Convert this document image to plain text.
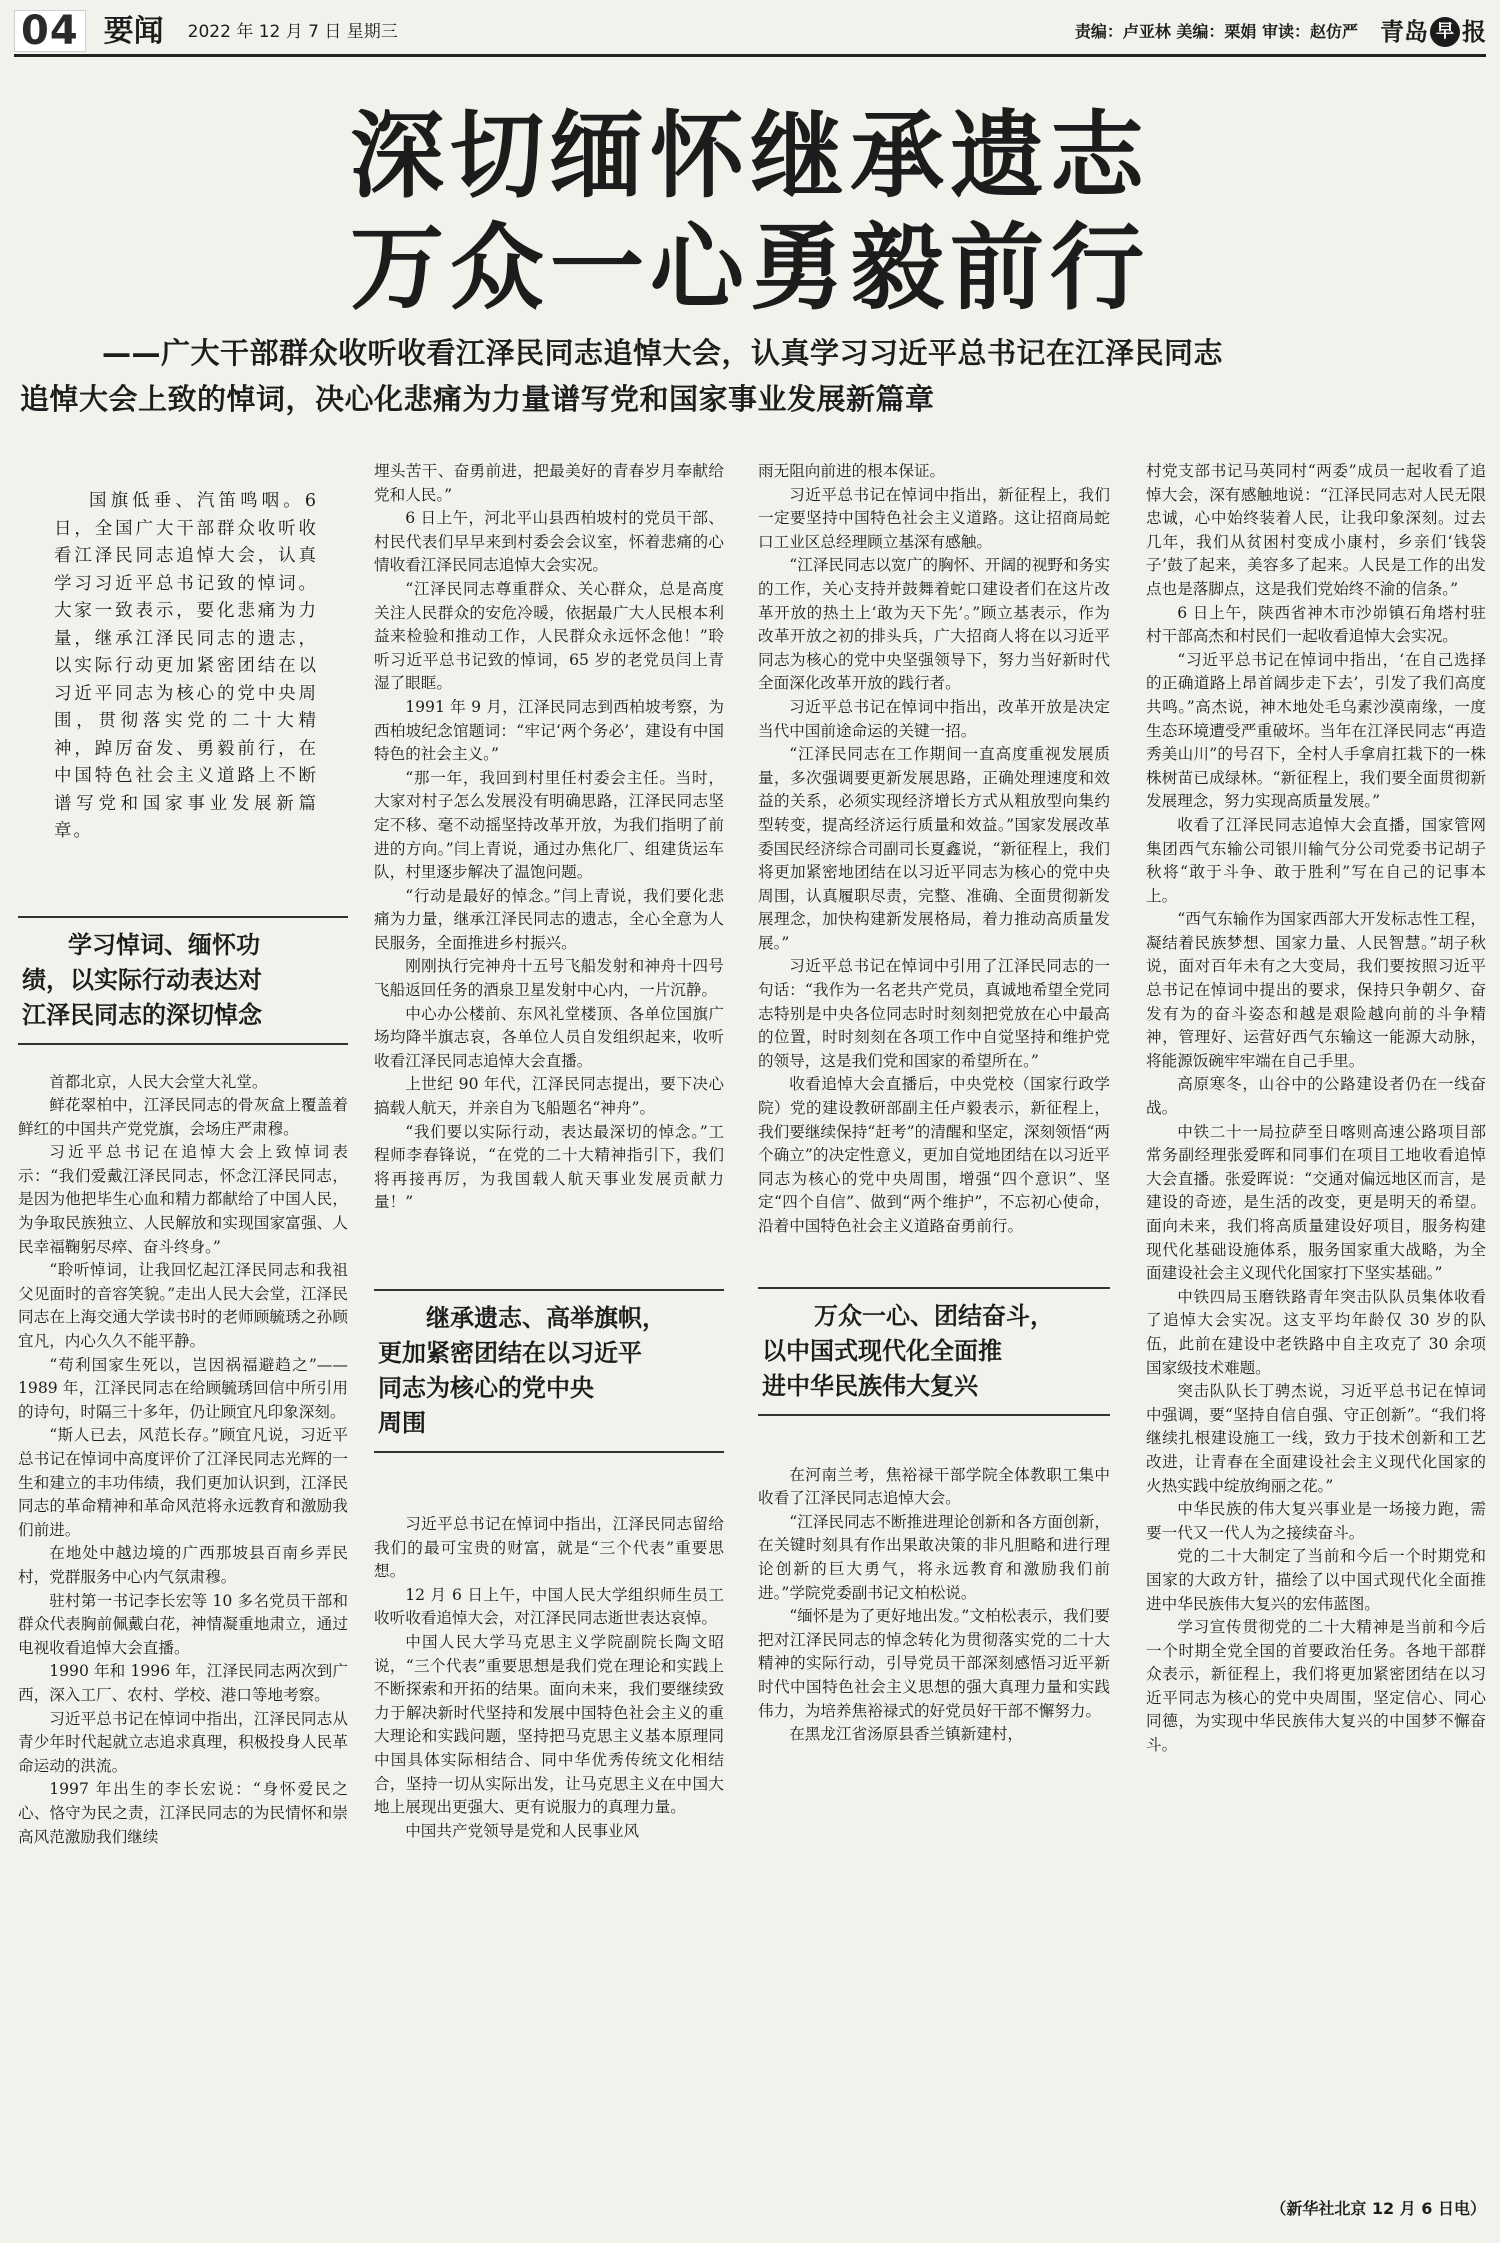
04 要闻 2022 年 12 月 7 日 星期三	责编：卢亚林 美编：栗娟 审读：赵仿严 青岛 早 报
深切缅怀继承遗志
万众一心勇毅前行
——广大干部群众收听收看江泽民同志追悼大会，认真学习习近平总书记在江泽民同志
追悼大会上致的悼词，决心化悲痛为力量谱写党和国家事业发展新篇章

国旗低垂、汽笛鸣咽。6日，全国广大干部群众收听收看江泽民同志追悼大会，认真学习习近平总书记致的悼词。大家一致表示，要化悲痛为力量，继承江泽民同志的遗志，以实际行动更加紧密团结在以习近平同志为核心的党中央周围，贯彻落实党的二十大精神，踔厉奋发、勇毅前行，在中国特色社会主义道路上不断谱写党和国家事业发展新篇章。

学习悼词、缅怀功
绩，以实际行动表达对
江泽民同志的深切悼念

首都北京，人民大会堂大礼堂。

鲜花翠柏中，江泽民同志的骨灰盒上覆盖着鲜红的中国共产党党旗，会场庄严肃穆。

习近平总书记在追悼大会上致悼词表示：“我们爱戴江泽民同志，怀念江泽民同志，是因为他把毕生心血和精力都献给了中国人民，为争取民族独立、人民解放和实现国家富强、人民幸福鞠躬尽瘁、奋斗终身。”

“聆听悼词，让我回忆起江泽民同志和我祖父见面时的音容笑貌。”走出人民大会堂，江泽民同志在上海交通大学读书时的老师顾毓琇之孙顾宜凡，内心久久不能平静。

“苟利国家生死以，岂因祸福避趋之”——1989 年，江泽民同志在给顾毓琇回信中所引用的诗句，时隔三十多年，仍让顾宜凡印象深刻。

“斯人已去，风范长存。”顾宜凡说，习近平总书记在悼词中高度评价了江泽民同志光辉的一生和建立的丰功伟绩，我们更加认识到，江泽民同志的革命精神和革命风范将永远教育和激励我们前进。

在地处中越边境的广西那坡县百南乡弄民村，党群服务中心内气氛肃穆。

驻村第一书记李长宏等 10 多名党员干部和群众代表胸前佩戴白花，神情凝重地肃立，通过电视收看追悼大会直播。

1990 年和 1996 年，江泽民同志两次到广西，深入工厂、农村、学校、港口等地考察。

习近平总书记在悼词中指出，江泽民同志从青少年时代起就立志追求真理，积极投身人民革命运动的洪流。

1997 年出生的李长宏说：“身怀爱民之心、恪守为民之责，江泽民同志的为民情怀和崇高风范激励我们继续

埋头苦干、奋勇前进，把最美好的青春岁月奉献给党和人民。”

6 日上午，河北平山县西柏坡村的党员干部、村民代表们早早来到村委会会议室，怀着悲痛的心情收看江泽民同志追悼大会实况。

“江泽民同志尊重群众、关心群众，总是高度关注人民群众的安危冷暖，依据最广大人民根本利益来检验和推动工作，人民群众永远怀念他！”聆听习近平总书记致的悼词，65 岁的老党员闫上青湿了眼眶。

1991 年 9 月，江泽民同志到西柏坡考察，为西柏坡纪念馆题词：“牢记‘两个务必’，建设有中国特色的社会主义。”

“那一年，我回到村里任村委会主任。当时，大家对村子怎么发展没有明确思路，江泽民同志坚定不移、毫不动摇坚持改革开放，为我们指明了前进的方向。”闫上青说，通过办焦化厂、组建货运车队，村里逐步解决了温饱问题。

“行动是最好的悼念。”闫上青说，我们要化悲痛为力量，继承江泽民同志的遗志，全心全意为人民服务，全面推进乡村振兴。

刚刚执行完神舟十五号飞船发射和神舟十四号飞船返回任务的酒泉卫星发射中心内，一片沉静。

中心办公楼前、东风礼堂楼顶、各单位国旗广场均降半旗志哀，各单位人员自发组织起来，收听收看江泽民同志追悼大会直播。

上世纪 90 年代，江泽民同志提出，要下决心搞载人航天，并亲自为飞船题名“神舟”。

“我们要以实际行动，表达最深切的悼念。”工程师李春锋说，“在党的二十大精神指引下，我们将再接再厉，为我国载人航天事业发展贡献力量！”

继承遗志、高举旗帜，
更加紧密团结在以习近平
同志为核心的党中央
周围

习近平总书记在悼词中指出，江泽民同志留给我们的最可宝贵的财富，就是“三个代表”重要思想。

12 月 6 日上午，中国人民大学组织师生员工收听收看追悼大会，对江泽民同志逝世表达哀悼。

中国人民大学马克思主义学院副院长陶文昭说，“三个代表”重要思想是我们党在理论和实践上不断探索和开拓的结果。面向未来，我们要继续致力于解决新时代坚持和发展中国特色社会主义的重大理论和实践问题，坚持把马克思主义基本原理同中国具体实际相结合、同中华优秀传统文化相结合，坚持一切从实际出发，让马克思主义在中国大地上展现出更强大、更有说服力的真理力量。

中国共产党领导是党和人民事业风

雨无阻向前进的根本保证。

习近平总书记在悼词中指出，新征程上，我们一定要坚持中国特色社会主义道路。这让招商局蛇口工业区总经理顾立基深有感触。

“江泽民同志以宽广的胸怀、开阔的视野和务实的工作，关心支持并鼓舞着蛇口建设者们在这片改革开放的热土上‘敢为天下先’。”顾立基表示，作为改革开放之初的排头兵，广大招商人将在以习近平同志为核心的党中央坚强领导下，努力当好新时代全面深化改革开放的践行者。

习近平总书记在悼词中指出，改革开放是决定当代中国前途命运的关键一招。

“江泽民同志在工作期间一直高度重视发展质量，多次强调要更新发展思路，正确处理速度和效益的关系，必须实现经济增长方式从粗放型向集约型转变，提高经济运行质量和效益。”国家发展改革委国民经济综合司副司长夏鑫说，“新征程上，我们将更加紧密地团结在以习近平同志为核心的党中央周围，认真履职尽责，完整、准确、全面贯彻新发展理念，加快构建新发展格局，着力推动高质量发展。”

习近平总书记在悼词中引用了江泽民同志的一句话：“我作为一名老共产党员，真诚地希望全党同志特别是中央各位同志时时刻刻把党放在心中最高的位置，时时刻刻在各项工作中自觉坚持和维护党的领导，这是我们党和国家的希望所在。”

收看追悼大会直播后，中央党校（国家行政学院）党的建设教研部副主任卢毅表示，新征程上，我们要继续保持“赶考”的清醒和坚定，深刻领悟“两个确立”的决定性意义，更加自觉地团结在以习近平同志为核心的党中央周围，增强“四个意识”、坚定“四个自信”、做到“两个维护”，不忘初心使命，沿着中国特色社会主义道路奋勇前行。

万众一心、团结奋斗，
以中国式现代化全面推
进中华民族伟大复兴

在河南兰考，焦裕禄干部学院全体教职工集中收看了江泽民同志追悼大会。

“江泽民同志不断推进理论创新和各方面创新，在关键时刻具有作出果敢决策的非凡胆略和进行理论创新的巨大勇气，将永远教育和激励我们前进。”学院党委副书记文柏松说。

“缅怀是为了更好地出发。”文柏松表示，我们要把对江泽民同志的悼念转化为贯彻落实党的二十大精神的实际行动，引导党员干部深刻感悟习近平新时代中国特色社会主义思想的强大真理力量和实践伟力，为培养焦裕禄式的好党员好干部不懈努力。

在黑龙江省汤原县香兰镇新建村，

村党支部书记马英同村“两委”成员一起收看了追悼大会，深有感触地说：“江泽民同志对人民无限忠诚，心中始终装着人民，让我印象深刻。过去几年，我们从贫困村变成小康村，乡亲们‘钱袋子’鼓了起来，美容多了起来。人民是工作的出发点也是落脚点，这是我们党始终不渝的信条。”

6 日上午，陕西省神木市沙峁镇石角塔村驻村干部高杰和村民们一起收看追悼大会实况。

“习近平总书记在悼词中指出，‘在自己选择的正确道路上昂首阔步走下去’，引发了我们高度共鸣。”高杰说，神木地处毛乌素沙漠南缘，一度生态环境遭受严重破坏。当年在江泽民同志“再造秀美山川”的号召下，全村人手拿肩扛栽下的一株株树苗已成绿林。“新征程上，我们要全面贯彻新发展理念，努力实现高质量发展。”

收看了江泽民同志追悼大会直播，国家管网集团西气东输公司银川输气分公司党委书记胡子秋将“敢于斗争、敢于胜利”写在自己的记事本上。

“西气东输作为国家西部大开发标志性工程，凝结着民族梦想、国家力量、人民智慧。”胡子秋说，面对百年未有之大变局，我们要按照习近平总书记在悼词中提出的要求，保持只争朝夕、奋发有为的奋斗姿态和越是艰险越向前的斗争精神，管理好、运营好西气东输这一能源大动脉，将能源饭碗牢牢端在自己手里。

高原寒冬，山谷中的公路建设者仍在一线奋战。

中铁二十一局拉萨至日喀则高速公路项目部常务副经理张爱晖和同事们在项目工地收看追悼大会直播。张爱晖说：“交通对偏远地区而言，是建设的奇迹，是生活的改变，更是明天的希望。面向未来，我们将高质量建设好项目，服务构建现代化基础设施体系，服务国家重大战略，为全面建设社会主义现代化国家打下坚实基础。”

中铁四局玉磨铁路青年突击队队员集体收看了追悼大会实况。这支平均年龄仅 30 岁的队伍，此前在建设中老铁路中自主攻克了 30 余项国家级技术难题。

突击队队长丁骋杰说，习近平总书记在悼词中强调，要“坚持自信自强、守正创新”。“我们将继续扎根建设施工一线，致力于技术创新和工艺改进，让青春在全面建设社会主义现代化国家的火热实践中绽放绚丽之花。”

中华民族的伟大复兴事业是一场接力跑，需要一代又一代人为之接续奋斗。

党的二十大制定了当前和今后一个时期党和国家的大政方针，描绘了以中国式现代化全面推进中华民族伟大复兴的宏伟蓝图。

学习宣传贯彻党的二十大精神是当前和今后一个时期全党全国的首要政治任务。各地干部群众表示，新征程上，我们将更加紧密团结在以习近平同志为核心的党中央周围，坚定信心、同心同德，为实现中华民族伟大复兴的中国梦不懈奋斗。

（新华社北京 12 月 6 日电）
